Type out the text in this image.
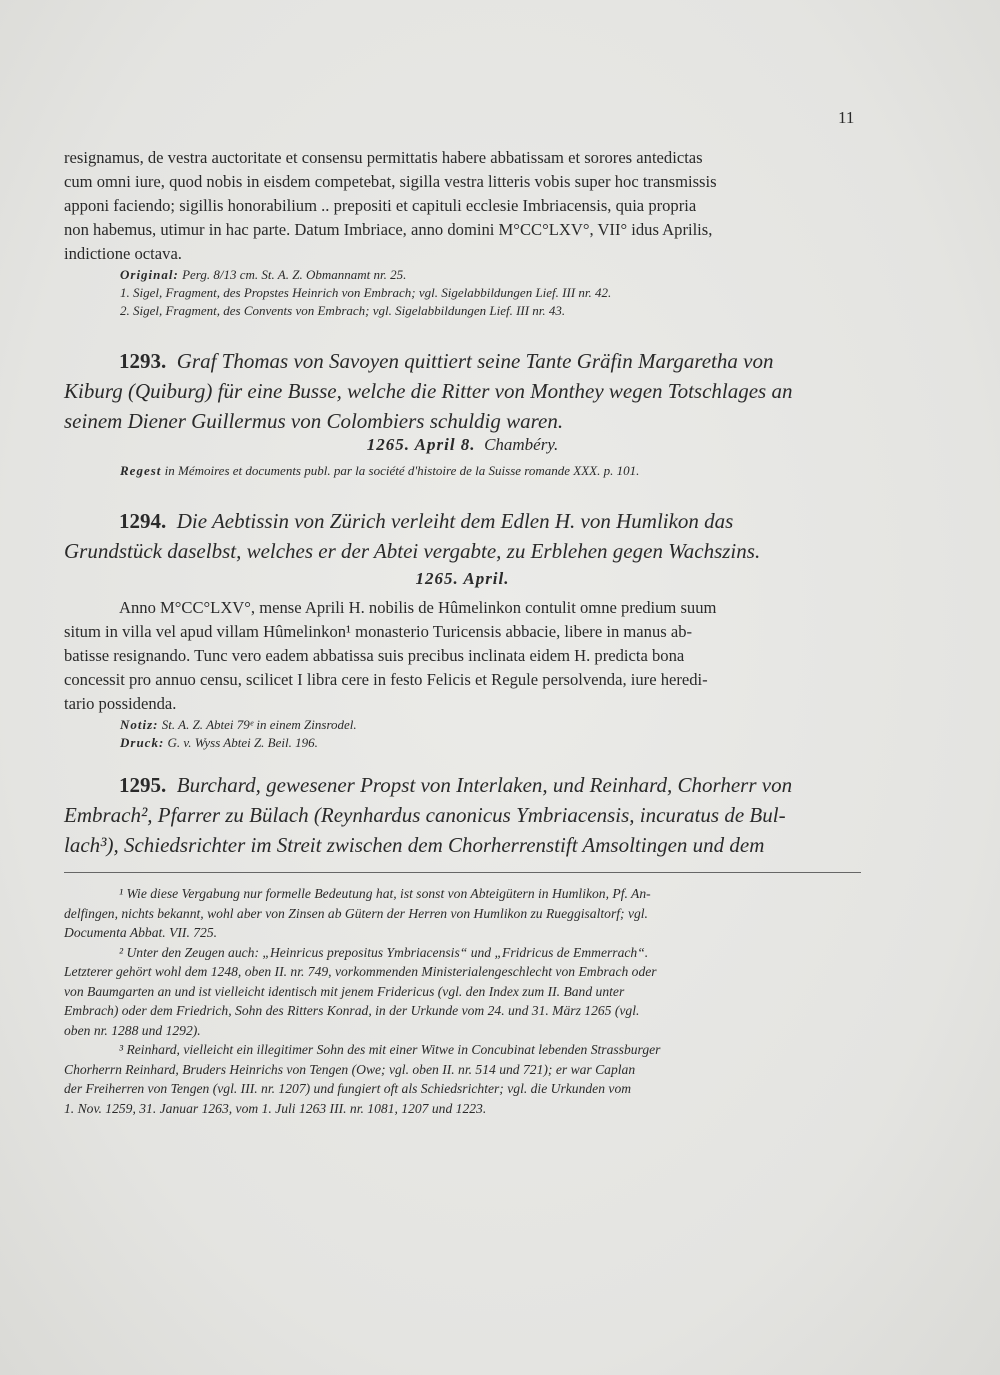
11
resignamus, de vestra auctoritate et consensu permittatis habere abbatissam et sorores antedictas
cum omni iure, quod nobis in eisdem competebat, sigilla vestra litteris vobis super hoc transmissis
apponi faciendo; sigillis honorabilium .. prepositi et capituli ecclesie Imbriacensis, quia propria
non habemus, utimur in hac parte. Datum Imbriace, anno domini M°CC°LXV°, VII° idus Aprilis,
indictione octava.
Original: Perg. 8/13 cm. St. A. Z. Obmannamt nr. 25.
1. Sigel, Fragment, des Propstes Heinrich von Embrach; vgl. Sigelabbildungen Lief. III nr. 42.
2. Sigel, Fragment, des Convents von Embrach; vgl. Sigelabbildungen Lief. III nr. 43.
1293. Graf Thomas von Savoyen quittiert seine Tante Gräfin Margaretha von
Kiburg (Quiburg) für eine Busse, welche die Ritter von Monthey wegen Totschlages an
seinem Diener Guillermus von Colombiers schuldig waren.
1265. April 8. Chambéry.
Regest in Mémoires et documents publ. par la société d'histoire de la Suisse romande XXX. p. 101.
1294. Die Aebtissin von Zürich verleiht dem Edlen H. von Humlikon das
Grundstück daselbst, welches er der Abtei vergabte, zu Erblehen gegen Wachszins.
1265. April.
Anno M°CC°LXV°, mense Aprili H. nobilis de Hûmelinkon contulit omne predium suum
situm in villa vel apud villam Hûmelinkon¹ monasterio Turicensis abbacie, libere in manus ab-
batisse resignando. Tunc vero eadem abbatissa suis precibus inclinata eidem H. predicta bona
concessit pro annuo censu, scilicet I libra cere in festo Felicis et Regule persolvenda, iure heredi-
tario possidenda.
Notiz: St. A. Z. Abtei 79ᵉ in einem Zinsrodel.
Druck: G. v. Wyss Abtei Z. Beil. 196.
1295. Burchard, gewesener Propst von Interlaken, und Reinhard, Chorherr von
Embrach², Pfarrer zu Bülach (Reynhardus canonicus Ymbriacensis, incuratus de Bul-
lach³), Schiedsrichter im Streit zwischen dem Chorherrenstift Amsoltingen und dem
¹ Wie diese Vergabung nur formelle Bedeutung hat, ist sonst von Abteigütern in Humlikon, Pf. An-
delfingen, nichts bekannt, wohl aber von Zinsen ab Gütern der Herren von Humlikon zu Rueggisaltorf; vgl.
Documenta Abbat. VII. 725.
² Unter den Zeugen auch: „Heinricus prepositus Ymbriacensis“ und „Fridricus de Emmerrach“.
Letzterer gehört wohl dem 1248, oben II. nr. 749, vorkommenden Ministerialengeschlecht von Embrach oder
von Baumgarten an und ist vielleicht identisch mit jenem Fridericus (vgl. den Index zum II. Band unter
Embrach) oder dem Friedrich, Sohn des Ritters Konrad, in der Urkunde vom 24. und 31. März 1265 (vgl.
oben nr. 1288 und 1292).
³ Reinhard, vielleicht ein illegitimer Sohn des mit einer Witwe in Concubinat lebenden Strassburger
Chorherrn Reinhard, Bruders Heinrichs von Tengen (Owe; vgl. oben II. nr. 514 und 721); er war Caplan
der Freiherren von Tengen (vgl. III. nr. 1207) und fungiert oft als Schiedsrichter; vgl. die Urkunden vom
1. Nov. 1259, 31. Januar 1263, vom 1. Juli 1263 III. nr. 1081, 1207 und 1223.
